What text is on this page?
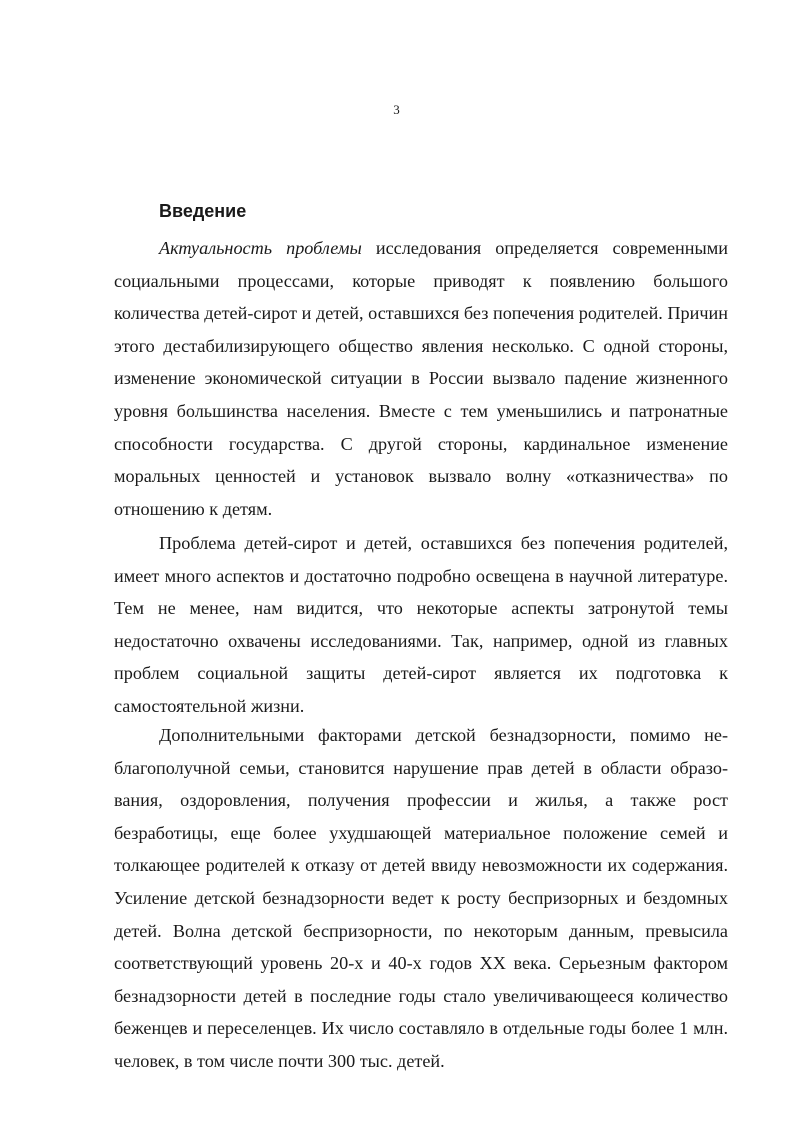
3
Введение

Актуальность проблемы исследования определяется современными социальными процессами, которые приводят к появлению большого количества детей-сирот и детей, оставшихся без попечения родителей. Причин этого дестабилизирующего общество явления несколько. С одной стороны, изменение экономической ситуации в России вызвало падение жизненного уровня большинства населения. Вместе с тем уменьшились и патронатные способности государства. С другой стороны, кардинальное изменение моральных ценностей и установок вызвало волну «отказничества» по отношению к детям.

Проблема детей-сирот и детей, оставшихся без попечения родителей, имеет много аспектов и достаточно подробно освещена в научной литературе. Тем не менее, нам видится, что некоторые аспекты затронутой темы недостаточно охвачены исследованиями. Так, например, одной из главных проблем социальной защиты детей-сирот является их подготовка к самостоятельной жизни.

Дополнительными факторами детской безнадзорности, помимо неблагополучной семьи, становится нарушение прав детей в области образования, оздоровления, получения профессии и жилья, а также рост безработицы, еще более ухудшающей материальное положение семей и толкающее родителей к отказу от детей ввиду невозможности их содержания. Усиление детской безнадзорности ведет к росту беспризорных и бездомных детей. Волна детской беспризорности, по некоторым данным, превысила соответствующий уровень 20-х и 40-х годов XX века. Серьезным фактором безнадзорности детей в последние годы стало увеличивающееся количество беженцев и переселенцев. Их число составляло в отдельные годы более 1 млн. человек, в том числе почти 300 тыс. детей.
